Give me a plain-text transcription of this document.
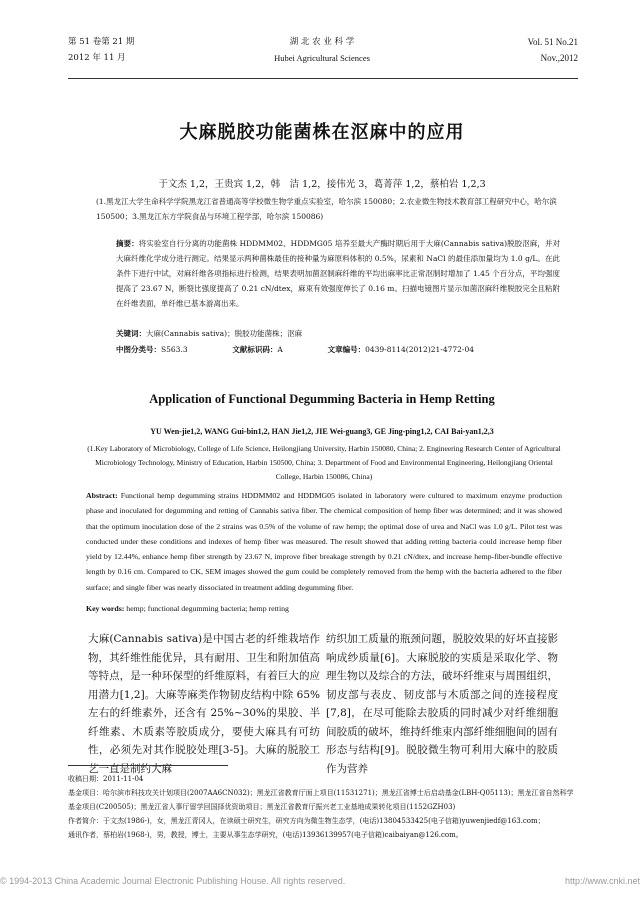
第 51 卷第 21 期
2012 年 11 月
湖 北 农 业 科 学
Hubei Agricultural Sciences
Vol. 51 No.21
Nov.,2012
大麻脱胶功能菌株在沤麻中的应用
于文杰 1,2，王贵宾 1,2，韩　洁 1,2，接伟光 3，葛菁萍 1,2，蔡柏岩 1,2,3
(1.黑龙江大学生命科学学院黑龙江省普通高等学校微生物学重点实验室，哈尔滨 150080；2.农业微生物技术教育部工程研究中心，哈尔滨 150500；3.黑龙江东方学院食品与环境工程学部，哈尔滨 150086)
摘要：将实验室自行分离的功能菌株 HDDMM02、HDDMG05 培养至最大产酶时期后用于大麻(Cannabis sativa)脱胶沤麻，并对大麻纤维化学成分进行测定。结果显示两种菌株最佳的接种量为麻原料体积的 0.5%，尿素和 NaCl 的最佳添加量均为 1.0 g/L。在此条件下进行中试，对麻纤维各项指标进行检测，结果表明加菌沤制麻纤维的平均出麻率比正常沤制时增加了 1.45 个百分点，平均强度提高了 23.67 N，断裂比强度提高了 0.21 cN/dtex，麻束有效强度伸长了 0.16 m。扫描电镜图片显示加菌沤麻纤维脱胶完全且粘附在纤维表面，单纤维已基本游离出来。
关键词：大麻(Cannabis sativa)；脱胶功能菌株；沤麻
中图分类号：S563.3	文献标识码：A	文章编号：0439-8114(2012)21-4772-04
Application of Functional Degumming Bacteria in Hemp Retting
YU Wen-jie1,2, WANG Gui-bin1,2, HAN Jie1,2, JIE Wei-guang3, GE Jing-ping1,2, CAI Bai-yan1,2,3
(1.Key Laboratory of Microbiology, College of Life Science, Heilongjiang University, Harbin 150080, China; 2. Engineering Research Center of Agricultural Microbiology Technology, Ministry of Education, Harbin 150500, China; 3. Department of Food and Environmental Engineering, Heilongjiang Oriental College, Harbin 150086, China)
Abstract: Functional hemp degumming strains HDDMM02 and HDDMG05 isolated in laboratory were cultured to maximum enzyme production phase and inoculated for degumming and retting of Cannabis sativa fiber. The chemical composition of hemp fiber was determined; and it was showed that the optimum inoculation dose of the 2 strains was 0.5% of the volume of raw hemp; the optimal dose of urea and NaCl was 1.0 g/L. Pilot test was conducted under these conditions and indexes of hemp fiber was measured. The result showed that adding retting bacteria could increase hemp fiber yield by 12.44%, enhance hemp fiber strength by 23.67 N, improve fiber breakage strength by 0.21 cN/dtex, and increase hemp-fiber-bundle effective length by 0.16 cm. Compared to CK, SEM images showed the gum could be completely removed from the hemp with the bacteria adhered to the fiber surface; and single fiber was nearly dissociated in treatment adding degumming fiber.
Key words: hemp; functional degumming bacteria; hemp retting
大麻(Cannabis sativa)是中国古老的纤维栽培作物，其纤维性能优异，具有耐用、卫生和附加值高等特点，是一种环保型的纤维原料，有着巨大的应用潜力[1,2]。大麻等麻类作物韧皮结构中除 65%左右的纤维素外，还含有 25%~30%的果胶、半纤维素、木质素等胶质成分，要使大麻具有可纺性，必须先对其作脱胶处理[3-5]。大麻的脱胶工艺一直是制约大麻
纺织加工质量的瓶颈问题，脱胶效果的好坏直接影响成纱质量[6]。大麻脱胶的实质是采取化学、物理生物以及综合的方法，破坏纤维束与周围组织，韧皮部与表皮、韧皮部与木质部之间的连接程度[7,8]，在尽可能除去胶质的同时减少对纤维细胞间胶质的破坏，维持纤维束内部纤维细胞间的固有形态与结构[9]。脱胶微生物可利用大麻中的胶质作为营养
收稿日期：2011-11-04
基金项目：哈尔滨市科技攻关计划项目(2007AA6CN032)；黑龙江省教育厅面上项目(11531271)；黑龙江省博士后启动基金(LBH-Q05113)；黑龙江省自然科学基金项目(C200505)；黑龙江省人事厅留学回国择优资助项目；黑龙江省教育厅振兴老工业基地成果转化项目(1152GZH03)
作者简介：于文杰(1986-)，女，黑龙江青冈人，在读硕士研究生，研究方向为微生物生态学，(电话)13804533425(电子信箱)yuwenjiedf@163.com；
通讯作者，蔡柏岩(1968-)，男，教授，博士，主要从事生态学研究，(电话)13936139957(电子信箱)caibaiyan@126.com。
© 1994-2013 China Academic Journal Electronic Publishing House. All rights reserved.	http://www.cnki.net
